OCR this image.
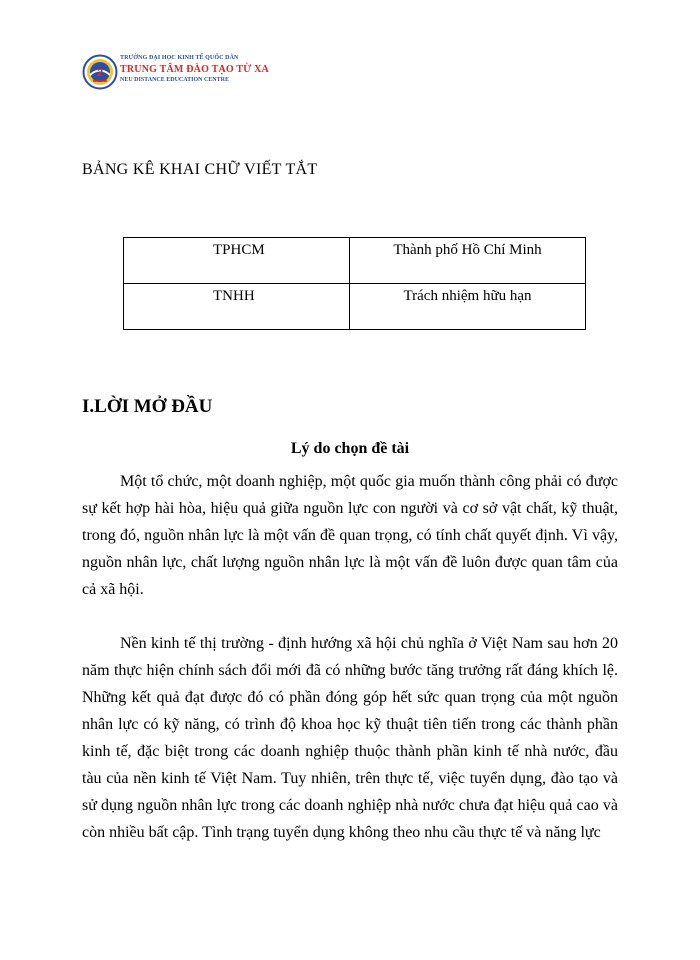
2
TRƯỜNG ĐẠI HỌC KINH TẾ QUỐC DÂN
TRUNG TÂM ĐÀO TẠO TỪ XA
NEU DISTANCE EDUCATION CENTRE
BẢNG KÊ KHAI CHỮ VIẾT TẮT
TPHCM	Thành phố Hồ Chí Minh
TNHH	Trách nhiệm hữu hạn
I.LỜI MỞ ĐẦU
Lý do chọn đề tài

Một tổ chức, một doanh nghiệp, một quốc gia muốn thành công phải có được sự kết hợp hài hòa, hiệu quả giữa nguồn lực con người và cơ sở vật chất, kỹ thuật, trong đó, nguồn nhân lực là một vấn đề quan trọng, có tính chất quyết định. Vì vậy, nguồn nhân lực, chất lượng nguồn nhân lực là một vấn đề luôn được quan tâm của cả xã hội.

Nền kinh tế thị trường - định hướng xã hội chủ nghĩa ở Việt Nam sau hơn 20 năm thực hiện chính sách đổi mới đã có những bước tăng trưởng rất đáng khích lệ. Những kết quả đạt được đó có phần đóng góp hết sức quan trọng của một nguồn nhân lực có kỹ năng, có trình độ khoa học kỹ thuật tiên tiến trong các thành phần kinh tế, đặc biệt trong các doanh nghiệp thuộc thành phần kinh tế nhà nước, đầu tàu của nền kinh tế Việt Nam. Tuy nhiên, trên thực tế, việc tuyển dụng, đào tạo và sử dụng nguồn nhân lực trong các doanh nghiệp nhà nước chưa đạt hiệu quả cao và còn nhiều bất cập. Tình trạng tuyển dụng không theo nhu cầu thực tế và năng lực
